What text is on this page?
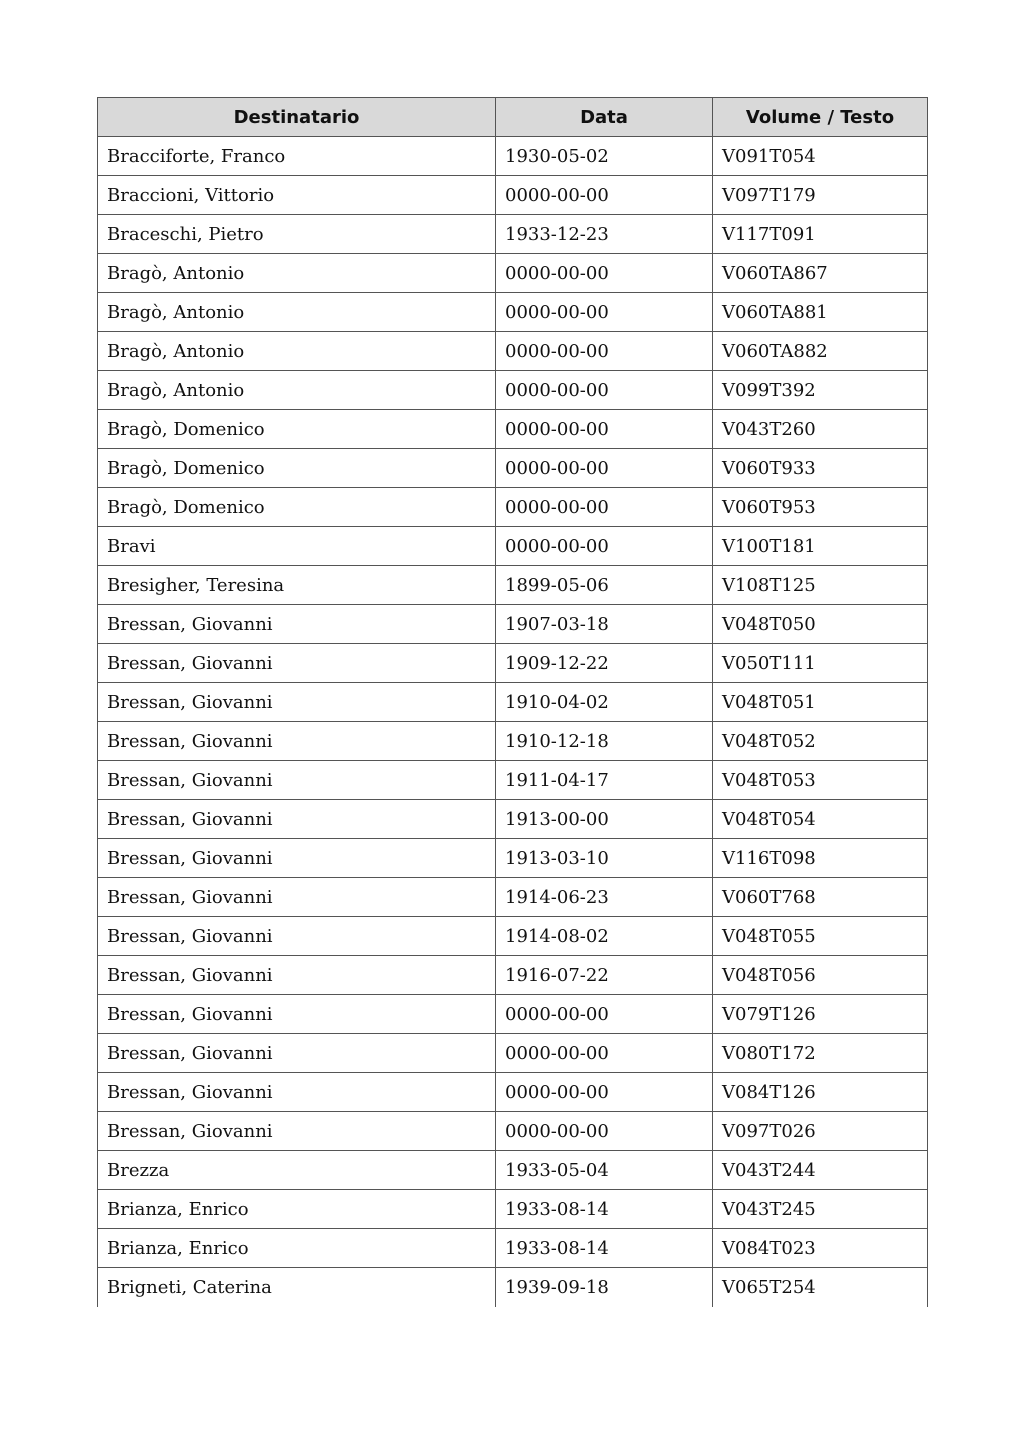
Destinatario	Data	Volume / Testo
Bracciforte, Franco	1930-05-02	V091T054
Braccioni, Vittorio	0000-00-00	V097T179
Braceschi, Pietro	1933-12-23	V117T091
Bragò, Antonio	0000-00-00	V060TA867
Bragò, Antonio	0000-00-00	V060TA881
Bragò, Antonio	0000-00-00	V060TA882
Bragò, Antonio	0000-00-00	V099T392
Bragò, Domenico	0000-00-00	V043T260
Bragò, Domenico	0000-00-00	V060T933
Bragò, Domenico	0000-00-00	V060T953
Bravi	0000-00-00	V100T181
Bresigher, Teresina	1899-05-06	V108T125
Bressan, Giovanni	1907-03-18	V048T050
Bressan, Giovanni	1909-12-22	V050T111
Bressan, Giovanni	1910-04-02	V048T051
Bressan, Giovanni	1910-12-18	V048T052
Bressan, Giovanni	1911-04-17	V048T053
Bressan, Giovanni	1913-00-00	V048T054
Bressan, Giovanni	1913-03-10	V116T098
Bressan, Giovanni	1914-06-23	V060T768
Bressan, Giovanni	1914-08-02	V048T055
Bressan, Giovanni	1916-07-22	V048T056
Bressan, Giovanni	0000-00-00	V079T126
Bressan, Giovanni	0000-00-00	V080T172
Bressan, Giovanni	0000-00-00	V084T126
Bressan, Giovanni	0000-00-00	V097T026
Brezza	1933-05-04	V043T244
Brianza, Enrico	1933-08-14	V043T245
Brianza, Enrico	1933-08-14	V084T023
Brigneti, Caterina	1939-09-18	V065T254
